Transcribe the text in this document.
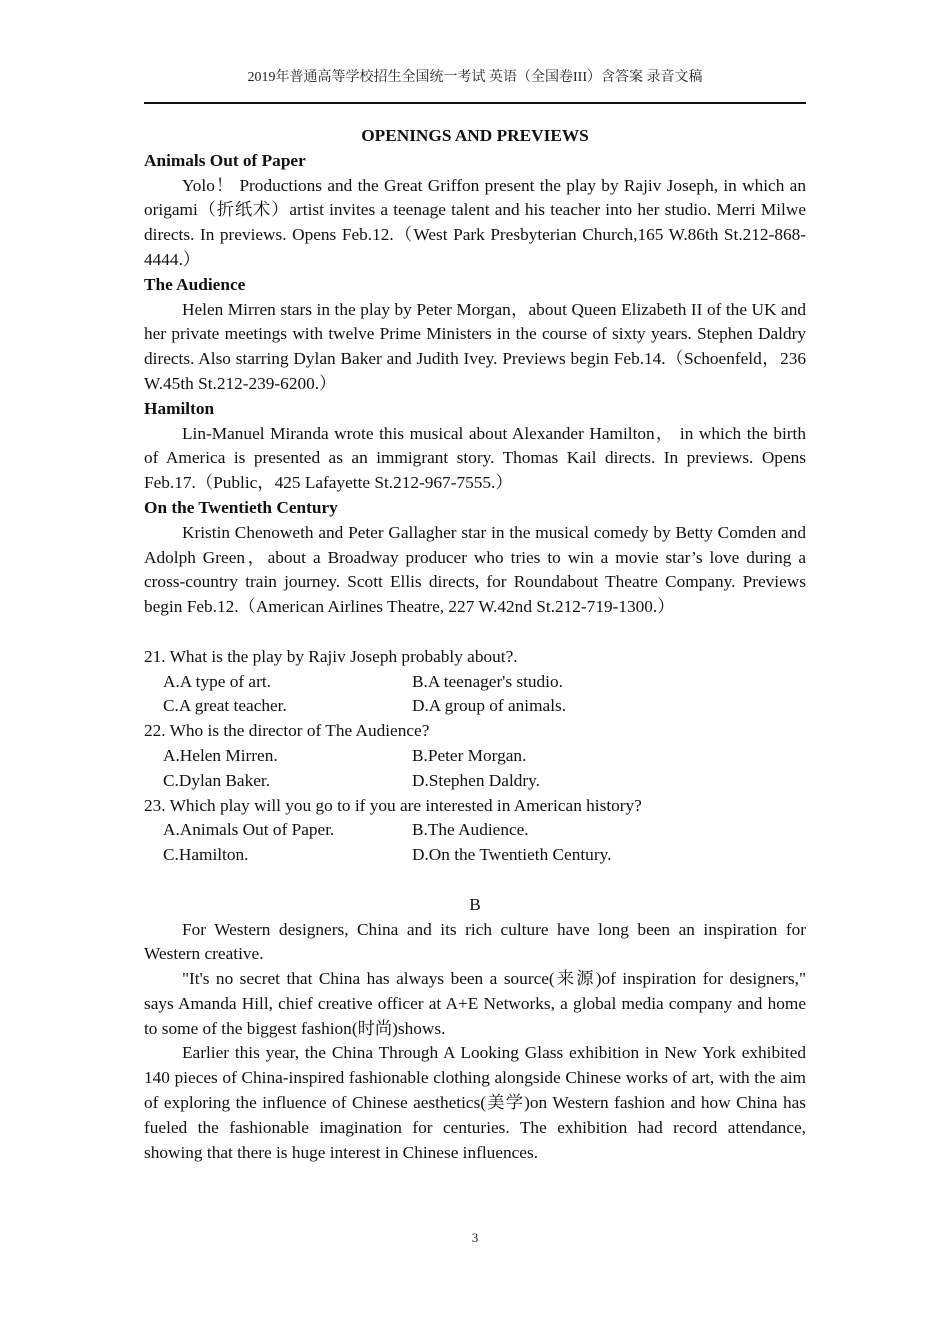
2019年普通高等学校招生全国统一考试 英语（全国卷III）含答案 录音文稿

OPENINGS AND PREVIEWS

Animals Out of Paper

Yolo！ Productions and the Great Griffon present the play by Rajiv Joseph, in which an origami（折纸术）artist invites a teenage talent and his teacher into her studio. Merri Milwe directs. In previews. Opens Feb.12.（West Park Presbyterian Church,165 W.86th St.212-868-4444.）

The Audience

Helen Mirren stars in the play by Peter Morgan，about Queen Elizabeth II of the UK and her private meetings with twelve Prime Ministers in the course of sixty years. Stephen Daldry directs. Also starring Dylan Baker and Judith Ivey. Previews begin Feb.14.（Schoenfeld，236 W.45th St.212-239-6200.）

Hamilton

Lin-Manuel Miranda wrote this musical about Alexander Hamilton， in which the birth of America is presented as an immigrant story. Thomas Kail directs. In previews. Opens Feb.17.（Public，425 Lafayette St.212-967-7555.）

On the Twentieth Century

Kristin Chenoweth and Peter Gallagher star in the musical comedy by Betty Comden and Adolph Green，about a Broadway producer who tries to win a movie star’s love during a cross-country train journey. Scott Ellis directs, for Roundabout Theatre Company. Previews begin Feb.12.（American Airlines Theatre, 227 W.42nd St.212-719-1300.）

21. What is the play by Rajiv Joseph probably about?.

A.A type of art.	B.A teenager's studio.
C.A great teacher.	D.A group of animals.

22. Who is the director of The Audience?

A.Helen Mirren.	B.Peter Morgan.
C.Dylan Baker.	D.Stephen Daldry.

23. Which play will you go to if you are interested in American history?

A.Animals Out of Paper.	B.The Audience.
C.Hamilton.	D.On the Twentieth Century.

B

For Western designers, China and its rich culture have long been an inspiration for Western creative.

"It's no secret that China has always been a source(来源)of inspiration for designers," says Amanda Hill, chief creative officer at A+E Networks, a global media company and home to some of the biggest fashion(时尚)shows.

Earlier this year, the China Through A Looking Glass exhibition in New York exhibited 140 pieces of China-inspired fashionable clothing alongside Chinese works of art, with the aim of exploring the influence of Chinese aesthetics(美学)on Western fashion and how China has fueled the fashionable imagination for centuries. The exhibition had record attendance, showing that there is huge interest in Chinese influences.

3
